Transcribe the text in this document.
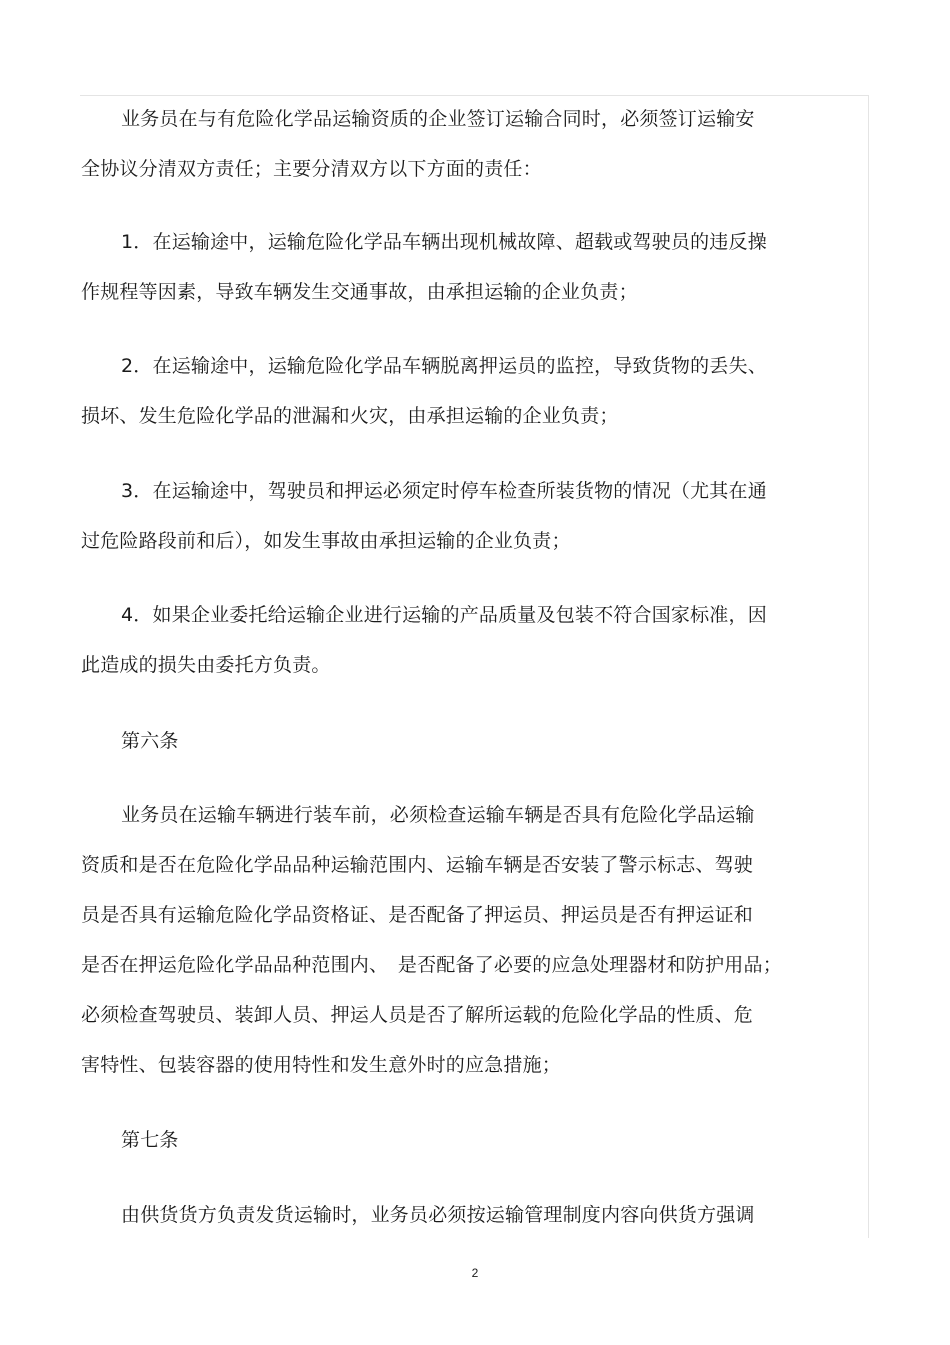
业务员在与有危险化学品运输资质的企业签订运输合同时，必须签订运输安
全协议分清双方责任；主要分清双方以下方面的责任：
1．在运输途中，运输危险化学品车辆出现机械故障、超载或驾驶员的违反操
作规程等因素，导致车辆发生交通事故，由承担运输的企业负责；
2．在运输途中，运输危险化学品车辆脱离押运员的监控，导致货物的丢失、
损坏、发生危险化学品的泄漏和火灾，由承担运输的企业负责；
3．在运输途中，驾驶员和押运必须定时停车检查所装货物的情况（尤其在通
过危险路段前和后），如发生事故由承担运输的企业负责；
4．如果企业委托给运输企业进行运输的产品质量及包装不符合国家标准，因
此造成的损失由委托方负责。
第六条
业务员在运输车辆进行装车前，必须检查运输车辆是否具有危险化学品运输
资质和是否在危险化学品品种运输范围内、运输车辆是否安装了警示标志、驾驶
员是否具有运输危险化学品资格证、是否配备了押运员、押运员是否有押运证和
是否在押运危险化学品品种范围内、　是否配备了必要的应急处理器材和防护用品；
必须检查驾驶员、装卸人员、押运人员是否了解所运载的危险化学品的性质、危
害特性、包装容器的使用特性和发生意外时的应急措施；
第七条
由供货货方负责发货运输时，业务员必须按运输管理制度内容向供货方强调
2
